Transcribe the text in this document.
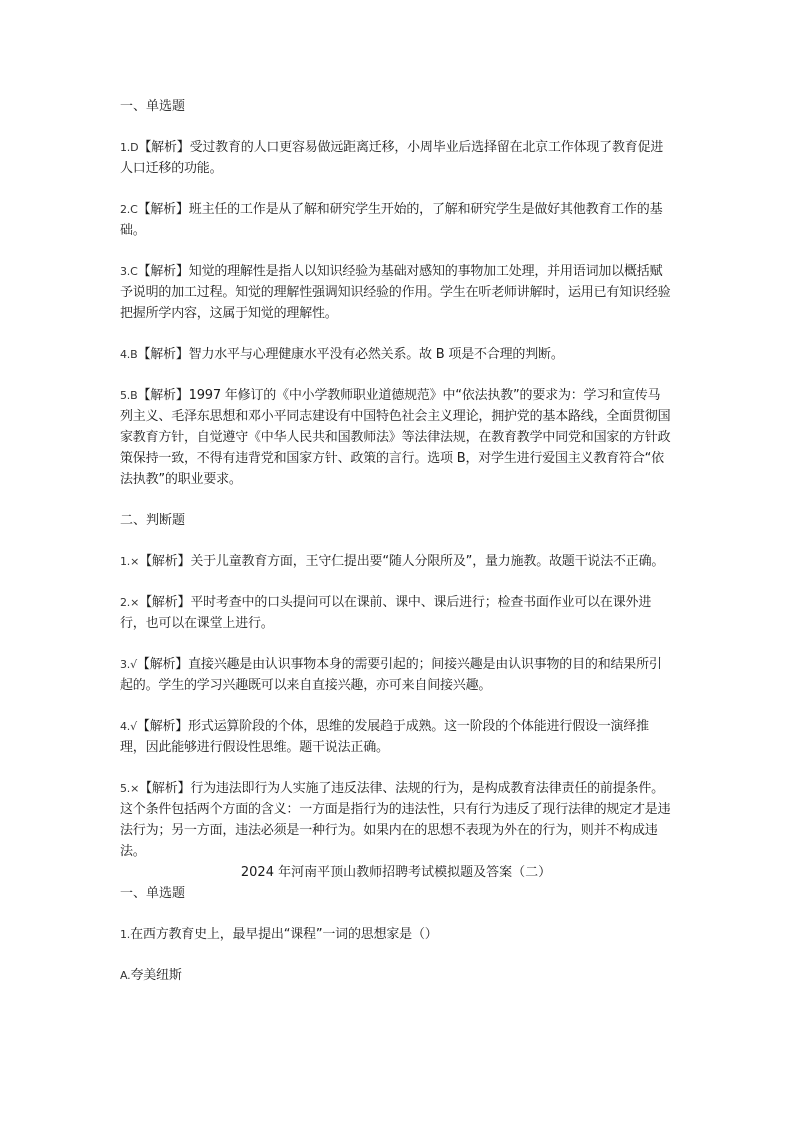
一、单选题

1.D【解析】受过教育的人口更容易做远距离迁移，小周毕业后选择留在北京工作体现了教育促进人口迁移的功能。

2.C【解析】班主任的工作是从了解和研究学生开始的，了解和研究学生是做好其他教育工作的基础。

3.C【解析】知觉的理解性是指人以知识经验为基础对感知的事物加工处理，并用语词加以概括赋予说明的加工过程。知觉的理解性强调知识经验的作用。学生在听老师讲解时，运用已有知识经验把握所学内容，这属于知觉的理解性。

4.B【解析】智力水平与心理健康水平没有必然关系。故 B 项是不合理的判断。

5.B【解析】1997 年修订的《中小学教师职业道德规范》中“依法执教”的要求为：学习和宣传马列主义、毛泽东思想和邓小平同志建设有中国特色社会主义理论，拥护党的基本路线，全面贯彻国家教育方针，自觉遵守《中华人民共和国教师法》等法律法规，在教育教学中同党和国家的方针政策保持一致，不得有违背党和国家方针、政策的言行。选项 B，对学生进行爱国主义教育符合“依法执教”的职业要求。

二、判断题

1.×【解析】关于儿童教育方面，王守仁提出要“随人分限所及”，量力施教。故题干说法不正确。

2.×【解析】平时考查中的口头提问可以在课前、课中、课后进行；检查书面作业可以在课外进行，也可以在课堂上进行。

3.√【解析】直接兴趣是由认识事物本身的需要引起的；间接兴趣是由认识事物的目的和结果所引起的。学生的学习兴趣既可以来自直接兴趣，亦可来自间接兴趣。

4.√【解析】形式运算阶段的个体，思维的发展趋于成熟。这一阶段的个体能进行假设一演绎推理，因此能够进行假设性思维。题干说法正确。

5.×【解析】行为违法即行为人实施了违反法律、法规的行为，是构成教育法律责任的前提条件。这个条件包括两个方面的含义：一方面是指行为的违法性，只有行为违反了现行法律的规定才是违法行为；另一方面，违法必须是一种行为。如果内在的思想不表现为外在的行为，则并不构成违法。

2024 年河南平顶山教师招聘考试模拟题及答案（二）

一、单选题

1.在西方教育史上，最早提出“课程”一词的思想家是（）

A.夸美纽斯
